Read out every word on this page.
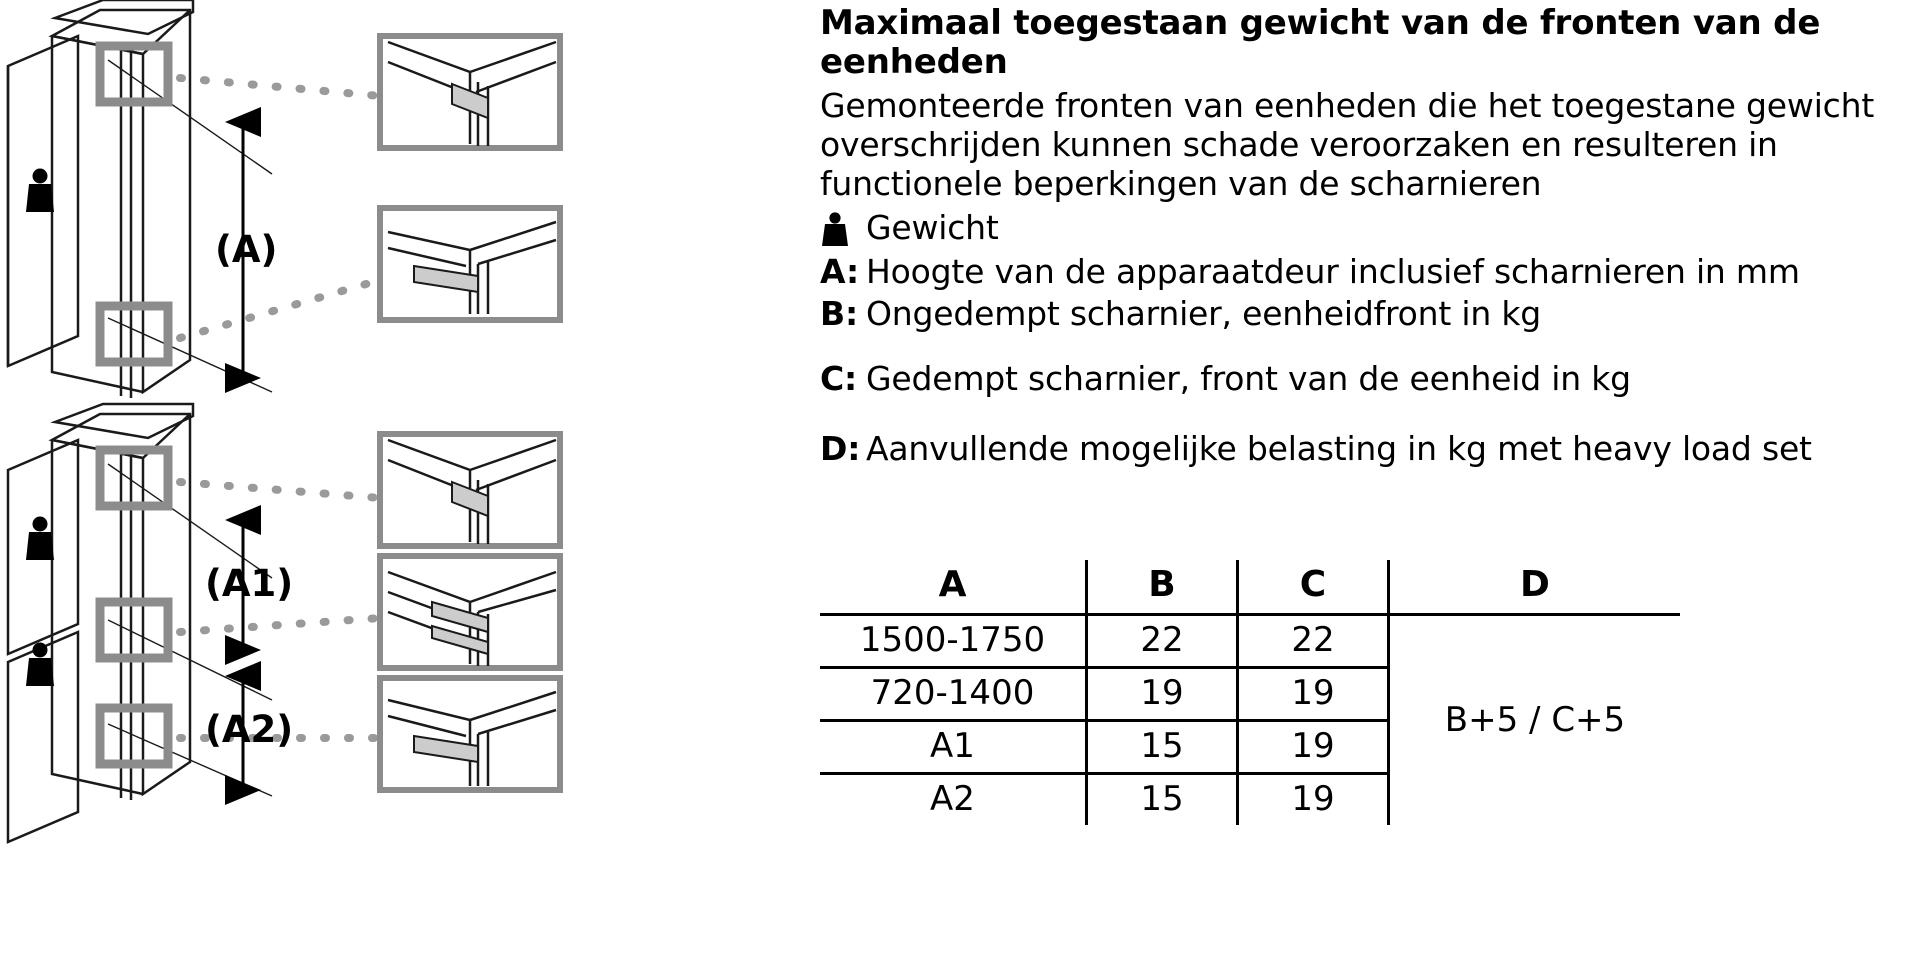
(A)
(A1)
(A2)
Maximaal toegestaan gewicht van de fronten van de eenheden

Gemonteerde fronten van eenheden die het toegestane gewicht overschrijden kunnen schade veroorzaken en resulteren in functionele beperkingen van de scharnieren

Gewicht
A: Hoogte van de apparaatdeur inclusief scharnieren in mm
B: Ongedempt scharnier, eenheidfront in kg
C: Gedempt scharnier, front van de eenheid in kg
D: Aanvullende mogelijke belasting in kg met heavy load set
A	B	C	D
1500-1750	22	22	B+5 / C+5
720-1400	19	19	
A1	15	19	
A2	15	19	
